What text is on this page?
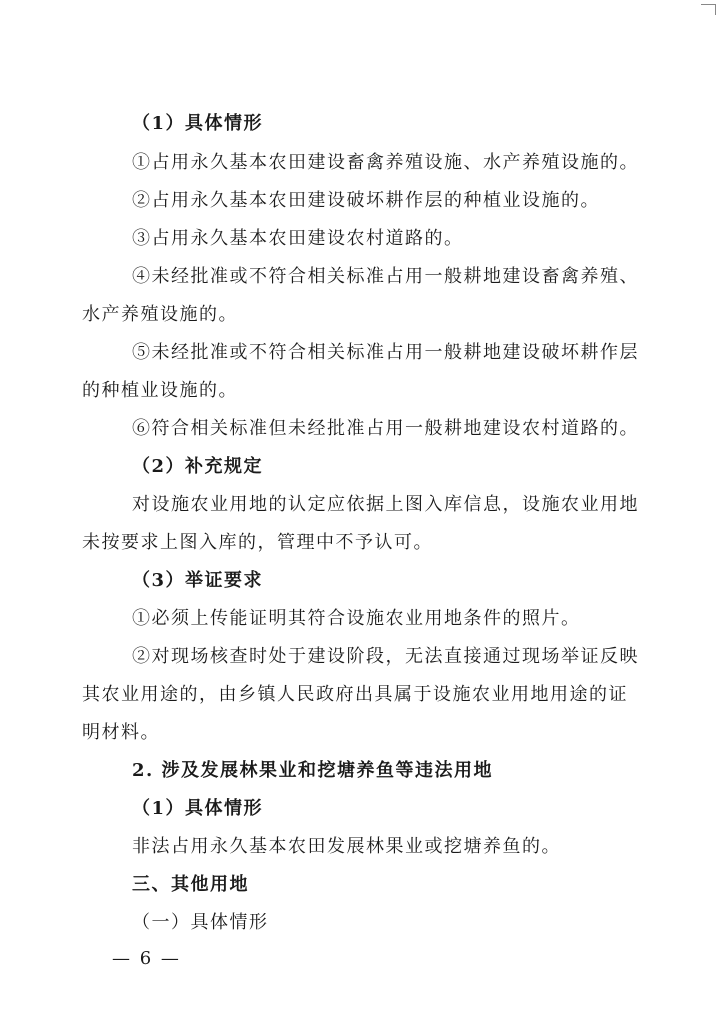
（1）具体情形
①占用永久基本农田建设畜禽养殖设施、水产养殖设施的。
②占用永久基本农田建设破坏耕作层的种植业设施的。
③占用永久基本农田建设农村道路的。
④未经批准或不符合相关标准占用一般耕地建设畜禽养殖、
水产养殖设施的。
⑤未经批准或不符合相关标准占用一般耕地建设破坏耕作层
的种植业设施的。
⑥符合相关标准但未经批准占用一般耕地建设农村道路的。
（2）补充规定
对设施农业用地的认定应依据上图入库信息，设施农业用地
未按要求上图入库的，管理中不予认可。
（3）举证要求
①必须上传能证明其符合设施农业用地条件的照片。
②对现场核查时处于建设阶段，无法直接通过现场举证反映
其农业用途的，由乡镇人民政府出具属于设施农业用地用途的证
明材料。
2. 涉及发展林果业和挖塘养鱼等违法用地
（1）具体情形
非法占用永久基本农田发展林果业或挖塘养鱼的。
三、其他用地
（一）具体情形
— 6 —
